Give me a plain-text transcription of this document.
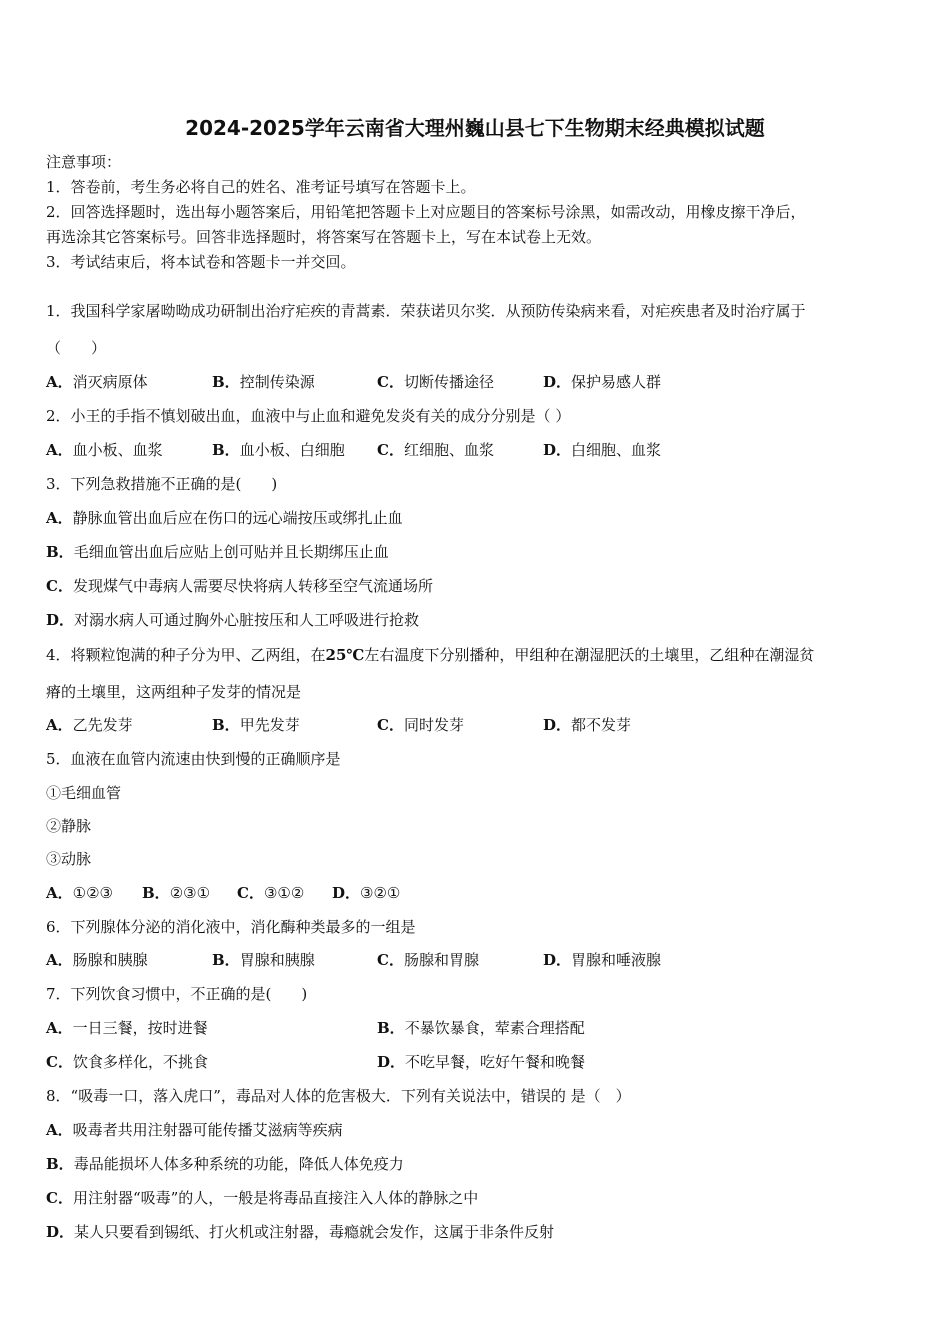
2024-2025学年云南省大理州巍山县七下生物期末经典模拟试题
注意事项：
1．答卷前，考生务必将自己的姓名、准考证号填写在答题卡上。
2．回答选择题时，选出每小题答案后，用铅笔把答题卡上对应题目的答案标号涂黑，如需改动，用橡皮擦干净后，
再选涂其它答案标号。回答非选择题时，将答案写在答题卡上，写在本试卷上无效。
3．考试结束后，将本试卷和答题卡一并交回。
1．我国科学家屠呦呦成功研制出治疗疟疾的青蒿素．荣获诺贝尔奖．从预防传染病来看，对疟疾患者及时治疗属于
（　　）
A．消灭病原体	B．控制传染源	C．切断传播途径	D．保护易感人群
2．小王的手指不慎划破出血，血液中与止血和避免发炎有关的成分分别是（ ）
A．血小板、血浆	B．血小板、白细胞 C．红细胞、血浆	D．白细胞、血浆
3．下列急救措施不正确的是(　　)
A．静脉血管出血后应在伤口的远心端按压或绑扎止血
B．毛细血管出血后应贴上创可贴并且长期绑压止血
C．发现煤气中毒病人需要尽快将病人转移至空气流通场所
D．对溺水病人可通过胸外心脏按压和人工呼吸进行抢救
4．将颗粒饱满的种子分为甲、乙两组，在25℃左右温度下分别播种，甲组种在潮湿肥沃的土壤里，乙组种在潮湿贫
瘠的土壤里，这两组种子发芽的情况是
A．乙先发芽	B．甲先发芽	C．同时发芽	D．都不发芽
5．血液在血管内流速由快到慢的正确顺序是
①毛细血管
②静脉
③动脉
A．①②③ B．②③① C．③①② D．③②①
6．下列腺体分泌的消化液中，消化酶种类最多的一组是
A．肠腺和胰腺	B．胃腺和胰腺	C．肠腺和胃腺	D．胃腺和唾液腺
7．下列饮食习惯中，不正确的是(　　)
A．一日三餐，按时进餐	B．不暴饮暴食，荤素合理搭配
C．饮食多样化，不挑食	D．不吃早餐，吃好午餐和晚餐
8．“吸毒一口，落入虎口”，毒品对人体的危害极大．下列有关说法中，错误的 是（　）
A．吸毒者共用注射器可能传播艾滋病等疾病
B．毒品能损坏人体多种系统的功能，降低人体免疫力
C．用注射器“吸毒”的人，一般是将毒品直接注入人体的静脉之中
D．某人只要看到锡纸、打火机或注射器，毒瘾就会发作，这属于非条件反射
